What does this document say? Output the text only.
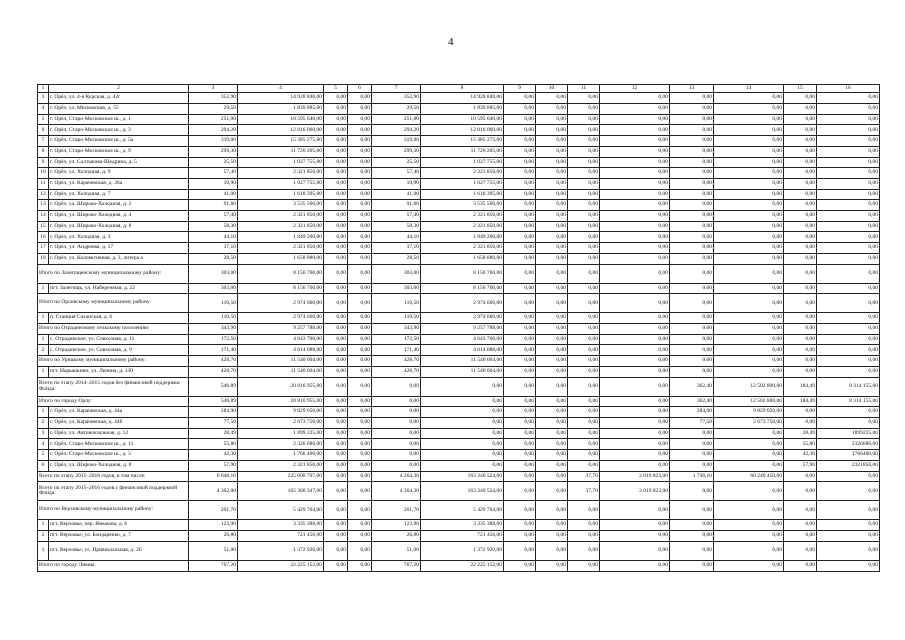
4
1	2	3	4	5	6	7	8	9	10	11	12	13	14	15	16
3	г. Орёл, ул. 4-я Курская, д. 42г	352,90	14 928 840,00	0,00	0,00	352,90	14 928 840,00	0,00	0,00	0,00	0,00	0,00	0,00	0,00	0,00
4	г. Орёл, ул. Московская, д. 55	29,50	1 839 885,00	0,00	0,00	29,50	1 839 885,00	0,00	0,00	0,00	0,00	0,00	0,00	0,00	0,00
5	г. Орёл, Старо-Московское ш., д. 1	251,00	10 595 640,00	0,00	0,00	251,00	10 595 640,00	0,00	0,00	0,00	0,00	0,00	0,00	0,00	0,00
6	г. Орёл, Старо-Московское ш., д. 3	294,20	12 816 060,00	0,00	0,00	294,20	12 816 060,00	0,00	0,00	0,00	0,00	0,00	0,00	0,00	0,00
7	г. Орёл, Старо-Московское ш., д. 5а	319,00	15 385 275,00	0,00	0,00	319,00	15 385 275,00	0,00	0,00	0,00	0,00	0,00	0,00	0,00	0,00
8	г. Орёл, Старо-Московское ш., д. 9	299,30	11 726 205,00	0,00	0,00	299,30	11 726 205,00	0,00	0,00	0,00	0,00	0,00	0,00	0,00	0,00
9	г. Орёл, ул. Салтыкова-Щедрина, д. 5	25,50	1 027 755,00	0,00	0,00	25,50	1 027 755,00	0,00	0,00	0,00	0,00	0,00	0,00	0,00	0,00
10	г. Орёл, ул. Холодная, д. 9	57,40	2 321 850,00	0,00	0,00	57,40	2 321 850,00	0,00	0,00	0,00	0,00	0,00	0,00	0,00	0,00
11	г. Орёл, ул. Карачевская, д. 36а	10,90	1 027 755,00	0,00	0,00	10,90	1 027 755,00	0,00	0,00	0,00	0,00	0,00	0,00	0,00	0,00
12	г. Орёл, ул. Холодная, д. 7	41,00	1 618 395,00	0,00	0,00	41,00	1 618 395,00	0,00	0,00	0,00	0,00	0,00	0,00	0,00	0,00
13	г. Орёл, ул. Широко-Холодная, д. 2	91,60	3 535 560,00	0,00	0,00	91,60	3 535 560,00	0,00	0,00	0,00	0,00	0,00	0,00	0,00	0,00
14	г. Орёл, ул. Широко-Холодная, д. 4	57,40	2 321 850,00	0,00	0,00	57,40	2 321 850,00	0,00	0,00	0,00	0,00	0,00	0,00	0,00	0,00
15	г. Орёл, ул. Широко-Холодная, д. 8	58,30	2 321 850,00	0,00	0,00	58,30	2 321 850,00	0,00	0,00	0,00	0,00	0,00	0,00	0,00	0,00
16	г. Орёл, ул. Холодная, д. 3	44,10	1 849 200,00	0,00	0,00	44,10	1 849 200,00	0,00	0,00	0,00	0,00	0,00	0,00	0,00	0,00
17	г. Орёл, ул. Андреева, д. 17	37,10	2 321 850,00	0,00	0,00	37,10	2 321 850,00	0,00	0,00	0,00	0,00	0,00	0,00	0,00	0,00
18	г. Орёл, ул. Коллективная, д. 3, литера а	28,50	1 658 880,00	0,00	0,00	28,50	1 658 880,00	0,00	0,00	0,00	0,00	0,00	0,00	0,00	0,00
Итого по Залегощенскому муниципальному району:		303,00	8 156 760,00	0,00	0,00	303,00	8 156 760,00	0,00	0,00	0,00	0,00	0,00	0,00	0,00	0,00
1	пгт. Залегощь, ул. Набережная, д. 22	303,00	8 156 760,00	0,00	0,00	303,00	8 156 760,00	0,00	0,00	0,00	0,00	0,00	0,00	0,00	0,00
Итого по Орловскому муниципальному району:		110,50	2 974 660,00	0,00	0,00	110,50	2 974 660,00	0,00	0,00	0,00	0,00	0,00	0,00	0,00	0,00
1	п. Станция Саханская, д. 6	110,50	2 974 660,00	0,00	0,00	110,50	2 974 660,00	0,00	0,00	0,00	0,00	0,00	0,00	0,00	0,00
Итого по Отрадинскому сельскому поселению:		343,90	9 257 788,00	0,00	0,00	343,90	9 257 788,00	0,00	0,00	0,00	0,00	0,00	0,00	0,00	0,00
1	с. Отрадинское, ул. Совхозная, д. 11	172,50	4 643 700,00	0,00	0,00	172,50	4 643 700,00	0,00	0,00	0,00	0,00	0,00	0,00	0,00	0,00
2	с. Отрадинское, ул. Совхозная, д. 9	171,40	4 614 088,00	0,00	0,00	171,40	4 614 088,00	0,00	0,00	0,00	0,00	0,00	0,00	0,00	0,00
Итого по Урицкому муниципальному району:		428,70	11 540 604,00	0,00	0,00	428,70	11 540 604,00	0,00	0,00	0,00	0,00	0,00	0,00	0,00	0,00
1	пгт. Нарышкино, ул. Ленина, д. 130	428,70	11 540 604,00	0,00	0,00	428,70	11 540 604,00	0,00	0,00	0,00	0,00	0,00	0,00	0,00	0,00
Всего по этапу 2014–2015 годов без финансовой поддержки Фонда:		546,89	20 816 955,00	0,00	0,00	0,00	0,00	0,00	0,00	0,00	0,00	362,40	12 502 800,00	184,49	8 314 155,00
Итого по городу Орлу:		546,89	20 816 955,00	0,00	0,00	0,00	0,00	0,00	0,00	0,00	0,00	362,40	12 502 800,00	184,49	8 314 155,00
1	г. Орёл, ул. Карачевская, д. 44а	284,90	9 829 050,00	0,00	0,00	0,00	0,00	0,00	0,00	0,00	0,00	284,90	9 829 050,00	0,00	0,00
2	г. Орёл, ул. Карачевская, д. 44б	77,50	2 673 750,00	0,00	0,00	0,00	0,00	0,00	0,00	0,00	0,00	77,50	2 673 750,00	0,00	0,00
3	г. Орёл, ул. Автовокзальная, д. 12	28,49	1 899 225,00	0,00	0,00	0,00	0,00	0,00	0,00	0,00	0,00	0,00	0,00	28,49	1899225,00
4	г. Орёл, Старо-Московское ш., д. 11	55,80	2 326 680,00	0,00	0,00	0,00	0,00	0,00	0,00	0,00	0,00	0,00	0,00	55,80	2326680,00
5	г. Орёл, Старо-Московское ш., д. 3	42,30	1 766 400,00	0,00	0,00	0,00	0,00	0,00	0,00	0,00	0,00	0,00	0,00	42,30	1766400,00
6	г. Орёл, ул. Широко-Холодная, д. 8	57,90	2 321 850,00	0,00	0,00	0,00	0,00	0,00	0,00	0,00	0,00	0,00	0,00	57,90	2321850,00
Всего по этапу 2015–2016 годов, в том числе:		6 048,10	225 600 797,00	0,00	0,00	4 264,30	163 340 524,00	0,00	0,00	37,70	2 019 823,00	1 746,10	60 240 450,00	0,00	0,00
Всего по этапу 2015–2016 годов с финансовой поддержкой Фонда:		4 302,00	165 360 347,00	0,00	0,00	4 264,30	163 340 524,00	0,00	0,00	37,70	2 019 823,00	0,00	0,00	0,00	0,00
Итого по Верховскому муниципальному району:		201,70	5 429 764,00	0,00	0,00	201,70	5 429 764,00	0,00	0,00	0,00	0,00	0,00	0,00	0,00	0,00
1	пгт. Верховье, пер. Ямьмова, д. 6	123,90	3 335 388,00	0,00	0,00	123,90	3 335 388,00	0,00	0,00	0,00	0,00	0,00	0,00	0,00	0,00
2	пгт. Верховье, ул. Бондаренко, д. 7	26,80	721 456,00	0,00	0,00	26,80	721 456,00	0,00	0,00	0,00	0,00	0,00	0,00	0,00	0,00
3	пгт. Верховье, ул. Привокзальная, д. 26	51,00	1 372 920,00	0,00	0,00	51,00	1 372 920,00	0,00	0,00	0,00	0,00	0,00	0,00	0,00	0,00
Итого по городу Ливны:		767,20	22 225 152,00	0,00	0,00	767,20	22 225 152,00	0,00	0,00	0,00	0,00	0,00	0,00	0,00	0,00
